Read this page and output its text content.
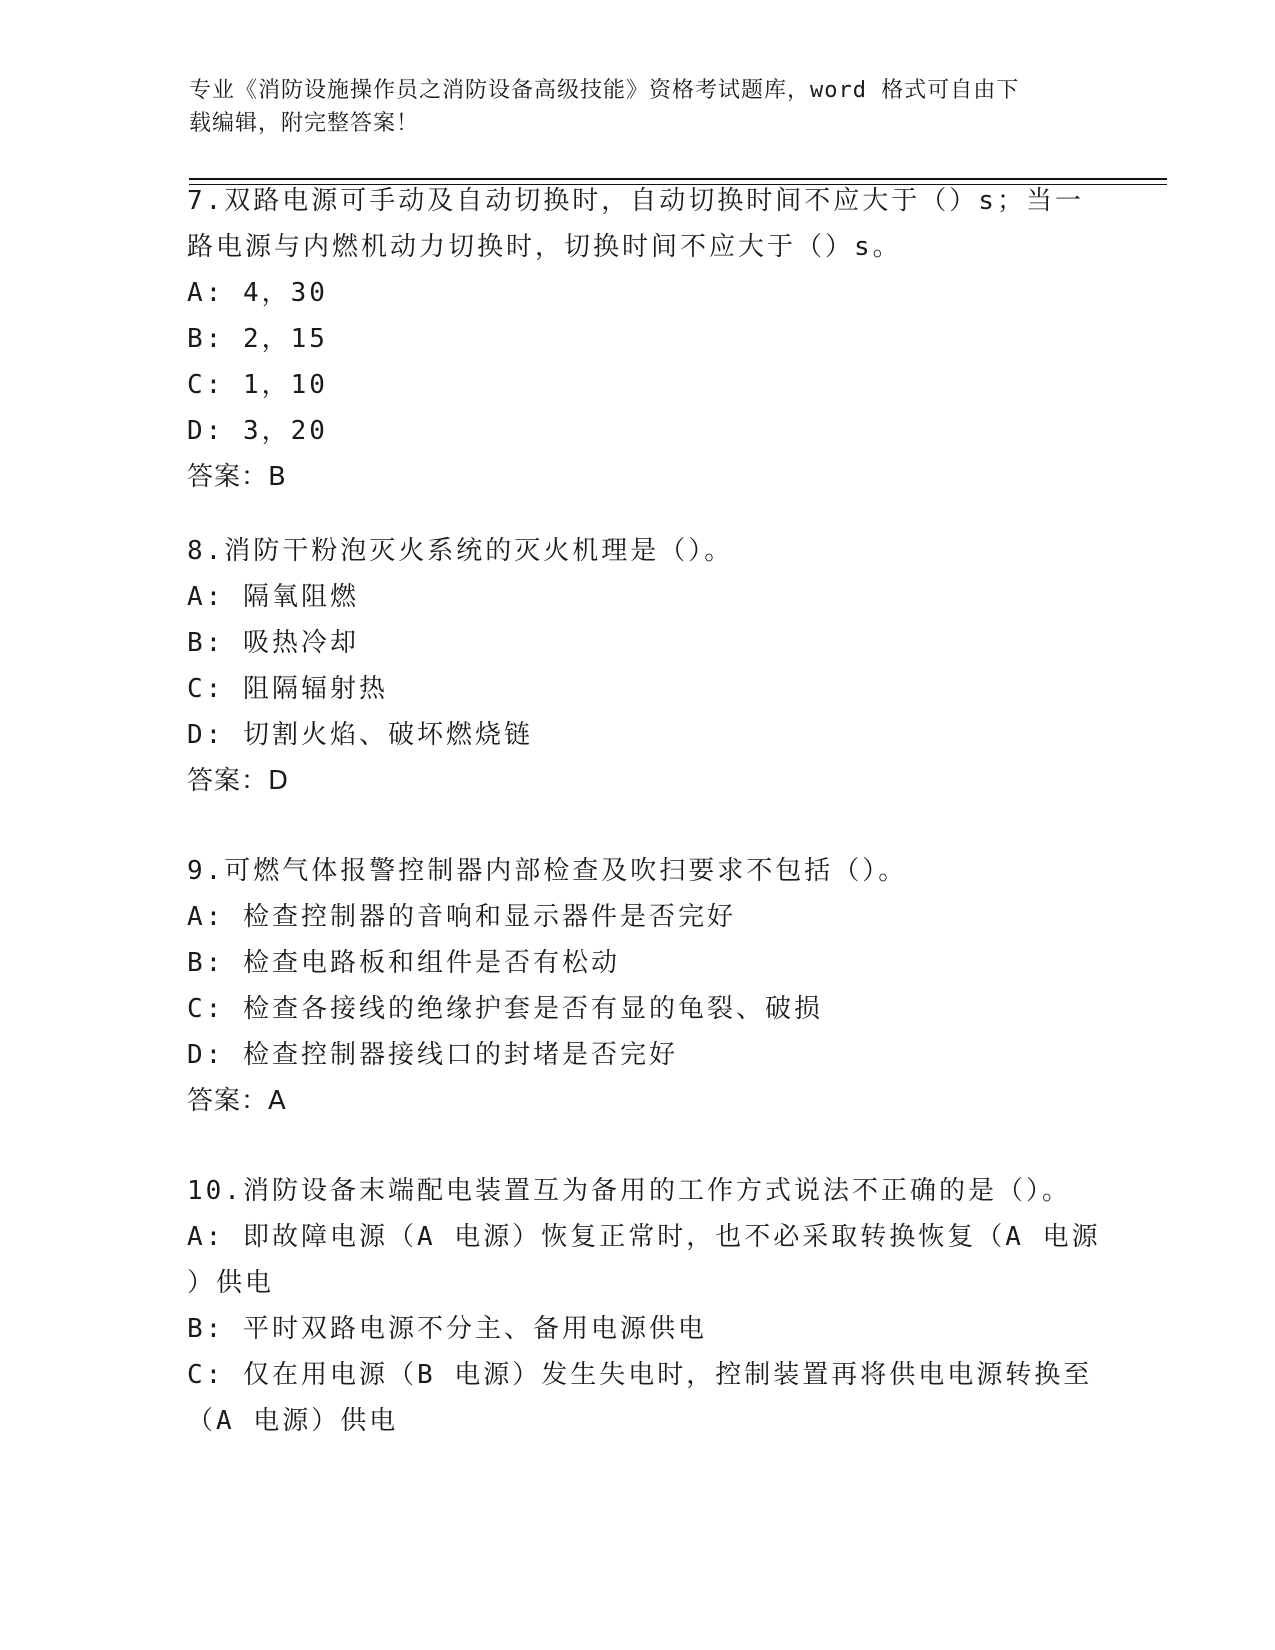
专业《消防设施操作员之消防设备高级技能》资格考试题库，word 格式可自由下
载编辑，附完整答案！
7.双路电源可手动及自动切换时，自动切换时间不应大于（）s；当一
路电源与内燃机动力切换时，切换时间不应大于（）s。
A: 4，30
B: 2，15
C: 1，10
D: 3，20
答案：B
8.消防干粉泡灭火系统的灭火机理是（）。
A: 隔氧阻燃
B: 吸热冷却
C: 阻隔辐射热
D: 切割火焰、破坏燃烧链
答案：D
9.可燃气体报警控制器内部检查及吹扫要求不包括（）。
A: 检查控制器的音响和显示器件是否完好
B: 检查电路板和组件是否有松动
C: 检查各接线的绝缘护套是否有显的龟裂、破损
D: 检查控制器接线口的封堵是否完好
答案：A
10.消防设备末端配电装置互为备用的工作方式说法不正确的是（）。
A: 即故障电源（A 电源）恢复正常时，也不必采取转换恢复（A 电源
）供电
B: 平时双路电源不分主、备用电源供电
C: 仅在用电源（B 电源）发生失电时，控制装置再将供电电源转换至
（A 电源）供电
